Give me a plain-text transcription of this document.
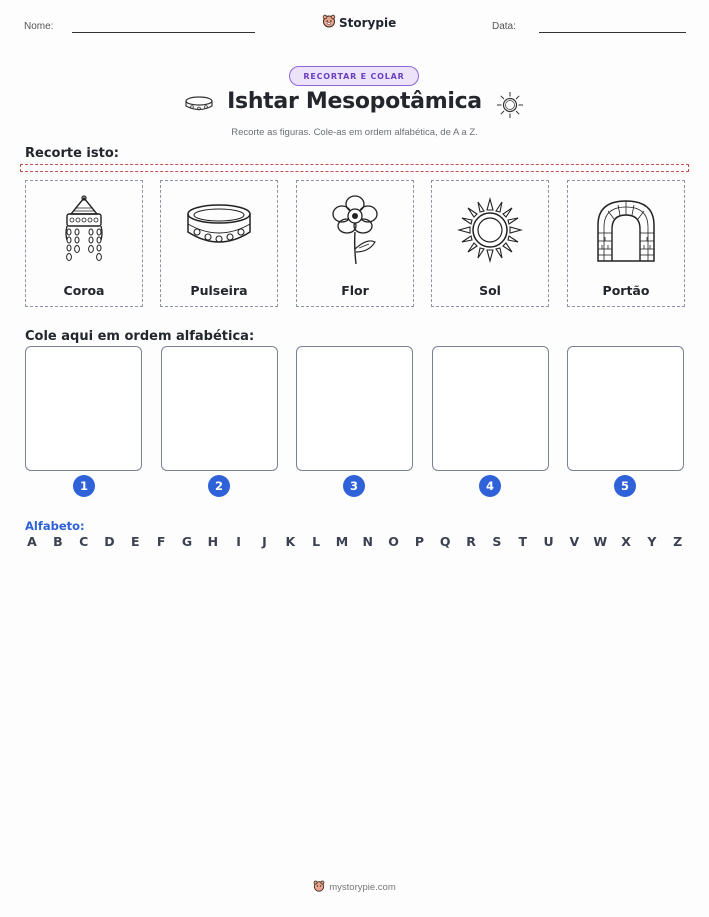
Nome:	Storypie	Data:
RECORTAR E COLAR
Ishtar Mesopotâmica
Recorte as figuras. Cole-as em ordem alfabética, de A a Z.
Recorte isto:
Coroa	Pulseira	Flor	Sol	Portão
Cole aqui em ordem alfabética:
1	2	3	4	5
Alfabeto:
A B C D E F G H	I	J	K L M N O P Q R S T U V W X Y Z
mystorypie.com
